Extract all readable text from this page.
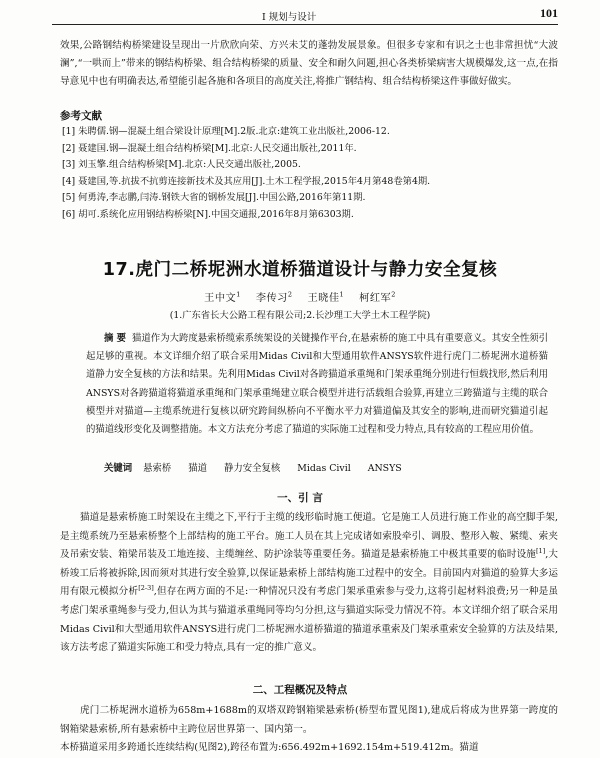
Ⅰ 规划与设计	101

效果,公路钢结构桥梁建设呈现出一片欣欣向荣、方兴未艾的蓬勃发展景象。但很多专家和有识之士也非常担忧“大波澜”,“一哄而上”带来的钢结构桥梁、组合结构桥梁的质量、安全和耐久问题,担心各类桥梁病害大规模爆发,这一点,在指导意见中也有明确表达,希望能引起各施和各项目的高度关注,将推广钢结构、组合结构桥梁这件事做好做实。

参考文献
[1] 朱聘儒.钢—混凝土组合梁设计原理[M].2版.北京:建筑工业出版社,2006-12.
[2] 聂建国.钢—混凝土组合结构桥梁[M].北京:人民交通出版社,2011年.
[3] 刘玉擎.组合结构桥梁[M].北京:人民交通出版社,2005.
[4] 聂建国,等.抗拔不抗剪连接新技术及其应用[J].土木工程学报,2015年4月第48卷第4期.
[5] 何勇涛,李志鹏,闫涛.钢铁大省的钢桥发展[J].中国公路,2016年第11期.
[6] 胡可.系统化应用钢结构桥梁[N].中国交通报,2016年8月第6303期.
17.虎门二桥坭洲水道桥猫道设计与静力安全复核
王中文$^1$ 李传习$^2$ 王晓佳$^1$ 柯红军$^2$
(1.广东省长大公路工程有限公司;2.长沙理工大学土木工程学院)

摘 要 猫道作为大跨度悬索桥缆索系统架设的关键操作平台,在悬索桥的施工中具有重要意义。其安全性须引起足够的重视。本文详细介绍了联合采用Midas Civil和大型通用软件ANSYS软件进行虎门二桥坭洲水道桥猫道静力安全复核的方法和结果。先利用Midas Civil对各跨猫道承重绳和门架承重绳分别进行恒载找形,然后利用ANSYS对各跨猫道将猫道承重绳和门架承重绳建立联合模型并进行活载组合验算,再建立三跨猫道与主缆的联合模型并对猫道—主缆系统进行复核以研究跨间纵桥向不平衡水平力对猫道偏及其安全的影响,进而研究猫道引起的猫道线形变化及调整措施。本文方法充分考虑了猫道的实际施工过程和受力特点,具有较高的工程应用价值。

关键词 悬索桥 猫道 静力安全复核 Midas Civil ANSYS
一、引 言

猫道是悬索桥施工时架设在主缆之下,平行于主缆的线形临时施工便道。它是施工人员进行施工作业的高空脚手架,是主缆系统乃至悬索桥整个上部结构的施工平台。施工人员在其上完成诸如索股牵引、调股、整形入鞍、紧缆、索夹及吊索安装、箱梁吊装及工地连接、主缆缠丝、防护涂装等重要任务。猫道是悬索桥施工中极其重要的临时设施[1],大桥竣工后将被拆除,因而须对其进行安全验算,以保证悬索桥上部结构施工过程中的安全。目前国内对猫道的验算大多运用有限元模拟分析[2-3],但存在两方面的不足:一种情况只没有考虑门架承重索参与受力,这将引起材料浪费;另一种是虽考虑门架承重绳参与受力,但认为其与猫道承重绳同等均匀分担,这与猫道实际受力情况不符。本文详细介绍了联合采用Midas Civil和大型通用软件ANSYS进行虎门二桥坭洲水道桥猫道的猫道承重索及门架承重索安全验算的方法及结果,该方法考虑了猫道实际施工和受力特点,具有一定的推广意义。

二、工程概况及特点

虎门二桥坭洲水道桥为658m+1688m的双塔双跨钢箱梁悬索桥(桥型布置见图1),建成后将成为世界第一跨度的钢箱梁悬索桥,所有悬索桥中主跨位居世界第一、国内第一。
本桥猫道采用多跨通长连续结构(见图2),跨径布置为:656.492m+1692.154m+519.412m。猫道
